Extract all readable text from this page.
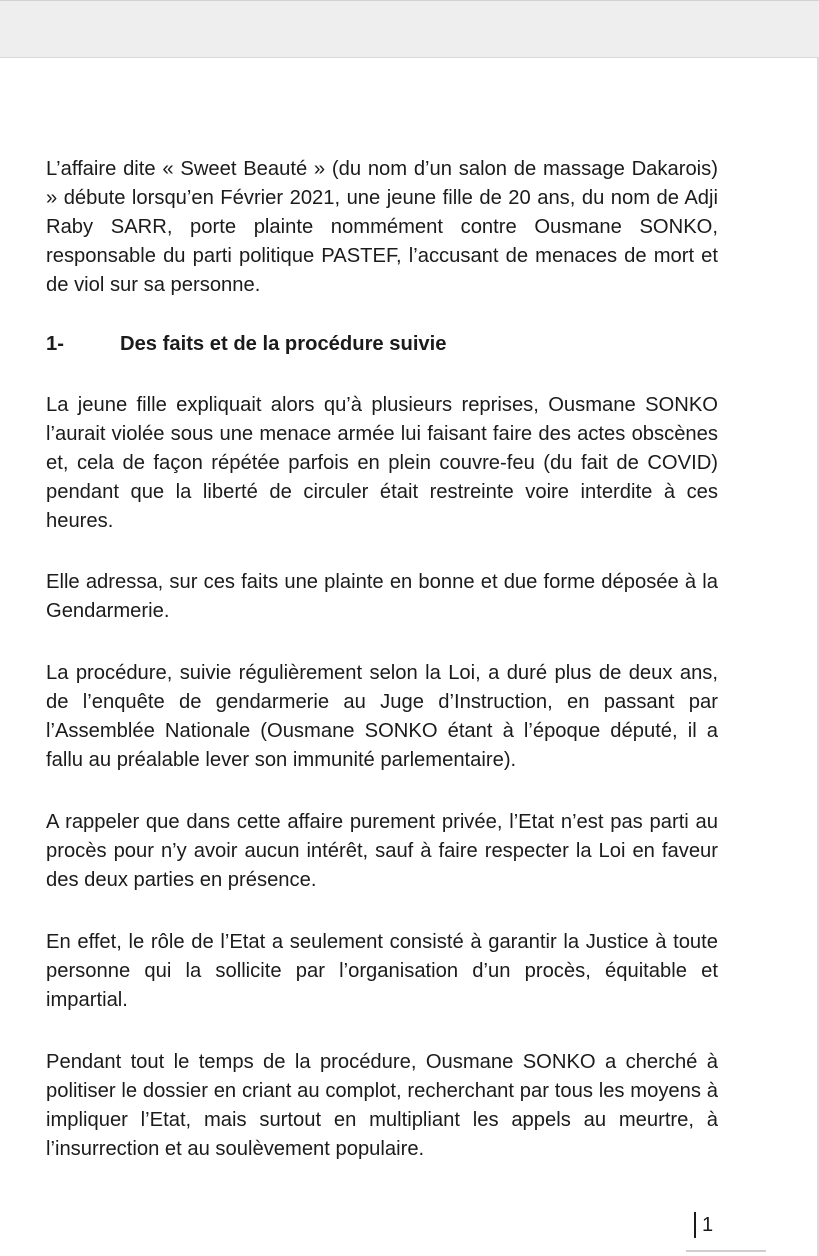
L’affaire dite « Sweet Beauté » (du nom d’un salon de massage Dakarois) » débute lorsqu’en Février 2021, une jeune fille de 20 ans, du nom de Adji Raby SARR, porte plainte nommément contre Ousmane SONKO, responsable du parti politique PASTEF, l’accusant de menaces de mort et de viol sur sa personne.

1-	Des faits et de la procédure suivie

La jeune fille expliquait alors qu’à plusieurs reprises, Ousmane SONKO l’aurait violée sous une menace armée lui faisant faire des actes obscènes et, cela de façon répétée parfois en plein couvre-feu (du fait de COVID) pendant que la liberté de circuler était restreinte voire interdite à ces heures.

Elle adressa, sur ces faits une plainte en bonne et due forme déposée à la Gendarmerie.

La procédure, suivie régulièrement selon la Loi, a duré plus de deux ans, de l’enquête de gendarmerie au Juge d’Instruction, en passant par l’Assemblée Nationale (Ousmane SONKO étant à l’époque député, il a fallu au préalable lever son immunité parlementaire).

A rappeler que dans cette affaire purement privée, l’Etat n’est pas parti au procès pour n’y avoir aucun intérêt, sauf à faire respecter la Loi en faveur des deux parties en présence.

En effet, le rôle de l’Etat a seulement consisté à garantir la Justice à toute personne qui la sollicite par l’organisation d’un procès, équitable et impartial.

Pendant tout le temps de la procédure, Ousmane SONKO a cherché à politiser le dossier en criant au complot, recherchant par tous les moyens à impliquer l’Etat, mais surtout en multipliant les appels au meurtre, à l’insurrection et au soulèvement populaire.

1
